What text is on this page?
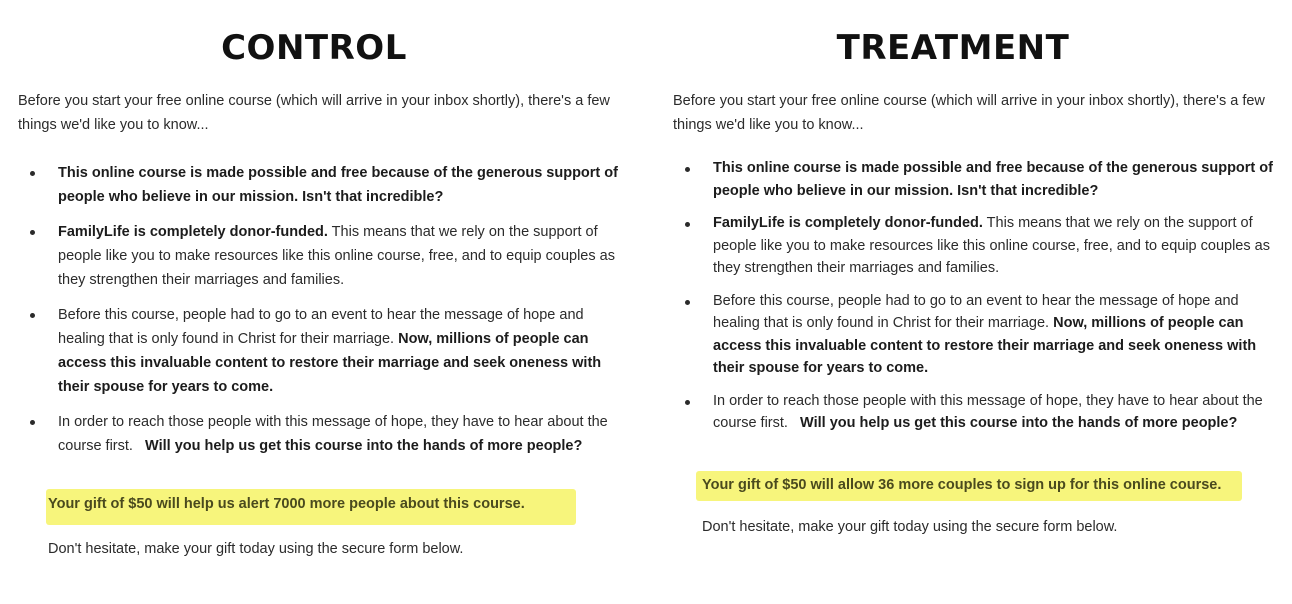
CONTROL

Before you start your free online course (which will arrive in your inbox shortly), there's a few things we'd like you to know...

This online course is made possible and free because of the generous support of people who believe in our mission. Isn't that incredible?
FamilyLife is completely donor-funded. This means that we rely on the support of people like you to make resources like this online course, free, and to equip couples as they strengthen their marriages and families.
Before this course, people had to go to an event to hear the message of hope and healing that is only found in Christ for their marriage. Now, millions of people can access this invaluable content to restore their marriage and seek oneness with their spouse for years to come.
In order to reach those people with this message of hope, they have to hear about the course first.   Will you help us get this course into the hands of more people?
Your gift of $50 will help us alert 7000 more people about this course.
Don't hesitate, make your gift today using the secure form below.
TREATMENT

Before you start your free online course (which will arrive in your inbox shortly), there's a few things we'd like you to know...

This online course is made possible and free because of the generous support of people who believe in our mission. Isn't that incredible?
FamilyLife is completely donor-funded. This means that we rely on the support of people like you to make resources like this online course, free, and to equip couples as they strengthen their marriages and families.
Before this course, people had to go to an event to hear the message of hope and healing that is only found in Christ for their marriage. Now, millions of people can access this invaluable content to restore their marriage and seek oneness with their spouse for years to come.
In order to reach those people with this message of hope, they have to hear about the course first.   Will you help us get this course into the hands of more people?
Your gift of $50 will allow 36 more couples to sign up for this online course.
Don't hesitate, make your gift today using the secure form below.
